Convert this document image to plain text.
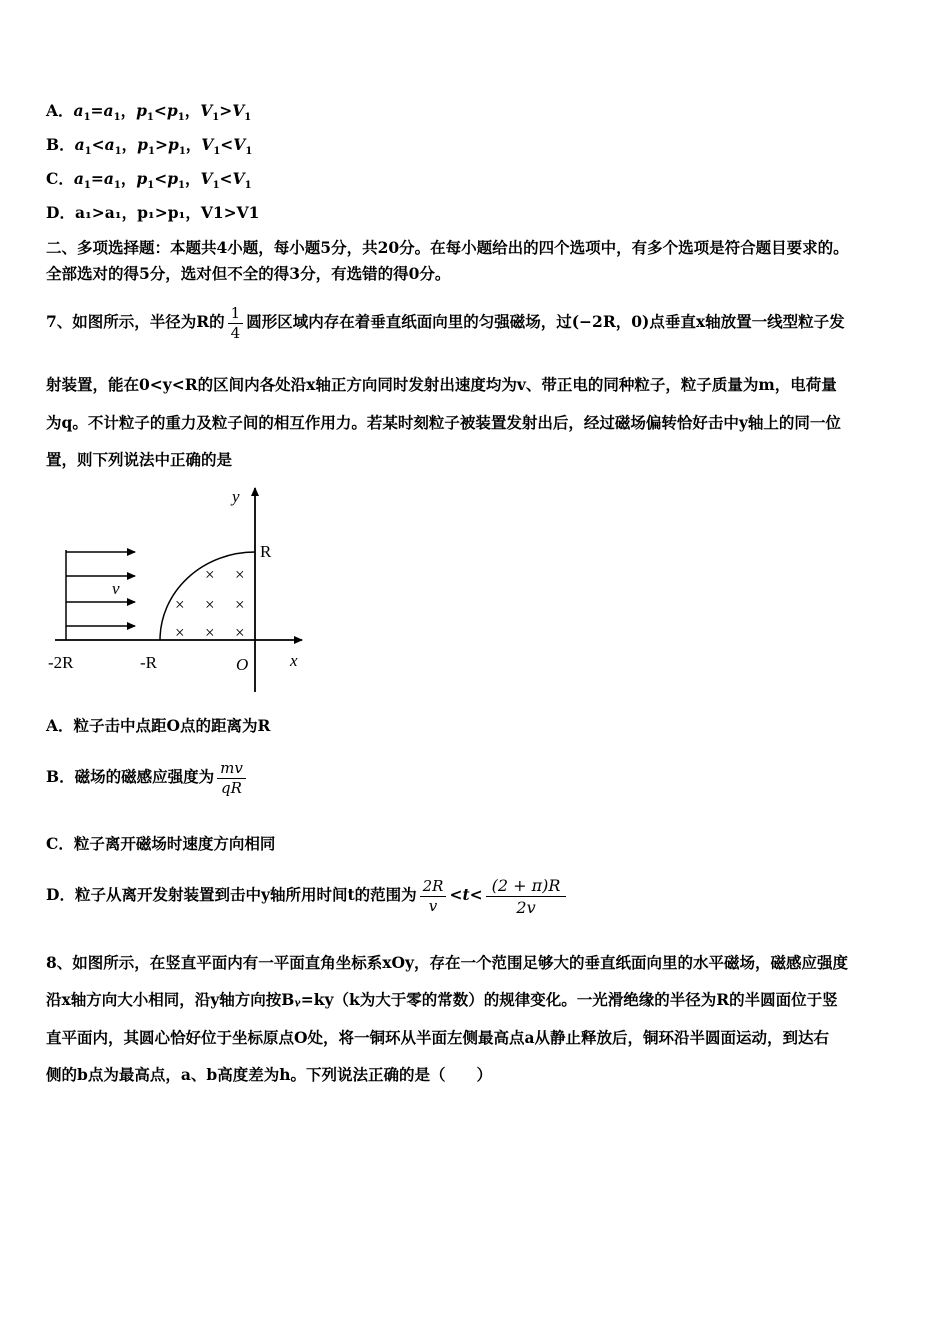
A．$a_1=a_1$，$p_1<p_1$，$V_1>V_1$
B．$a_1<a_1$，$p_1>p_1$，$V_1<V_1$
C．$a_1=a_1$，$p_1<p_1$，$V_1<V_1$
D．a₁>a₁，p₁>p₁，V1>V1
二、多项选择题：本题共4小题，每小题5分，共20分。在每小题给出的四个选项中，有多个选项是符合题目要求的。
全部选对的得5分，选对但不全的得3分，有选错的得0分。
7、如图所示，半径为R的 $\frac{1}{4}$ 圆形区域内存在着垂直纸面向里的匀强磁场，过(−2R，0)点垂直x轴放置一线型粒子发
射装置，能在0<y<R的区间内各处沿x轴正方向同时发射出速度均为v、带正电的同种粒子，粒子质量为m，电荷量
为q。不计粒子的重力及粒子间的相互作用力。若某时刻粒子被装置发射出后，经过磁场偏转恰好击中y轴上的同一位
置，则下列说法中正确的是
× ×
× × ×
× × ×
y
R
v
-2R	-R	O x
A．粒子击中点距O点的距离为R
B．磁场的磁感应强度为 $\frac{mv}{qR}$
C．粒子离开磁场时速度方向相同
D．粒子从离开发射装置到击中y轴所用时间t的范围为 $\frac{2R}{v} <t< \frac{(2 + \pi)R}{2v}$
8、如图所示，在竖直平面内有一平面直角坐标系xOy，存在一个范围足够大的垂直纸面向里的水平磁场，磁感应强度
沿x轴方向大小相同，沿y轴方向按Bᵧ=ky（k为大于零的常数）的规律变化。一光滑绝缘的半径为R的半圆面位于竖
直平面内，其圆心恰好位于坐标原点O处，将一铜环从半面左侧最高点a从静止释放后，铜环沿半圆面运动，到达右
侧的b点为最高点，a、b高度差为h。下列说法正确的是（　　）
